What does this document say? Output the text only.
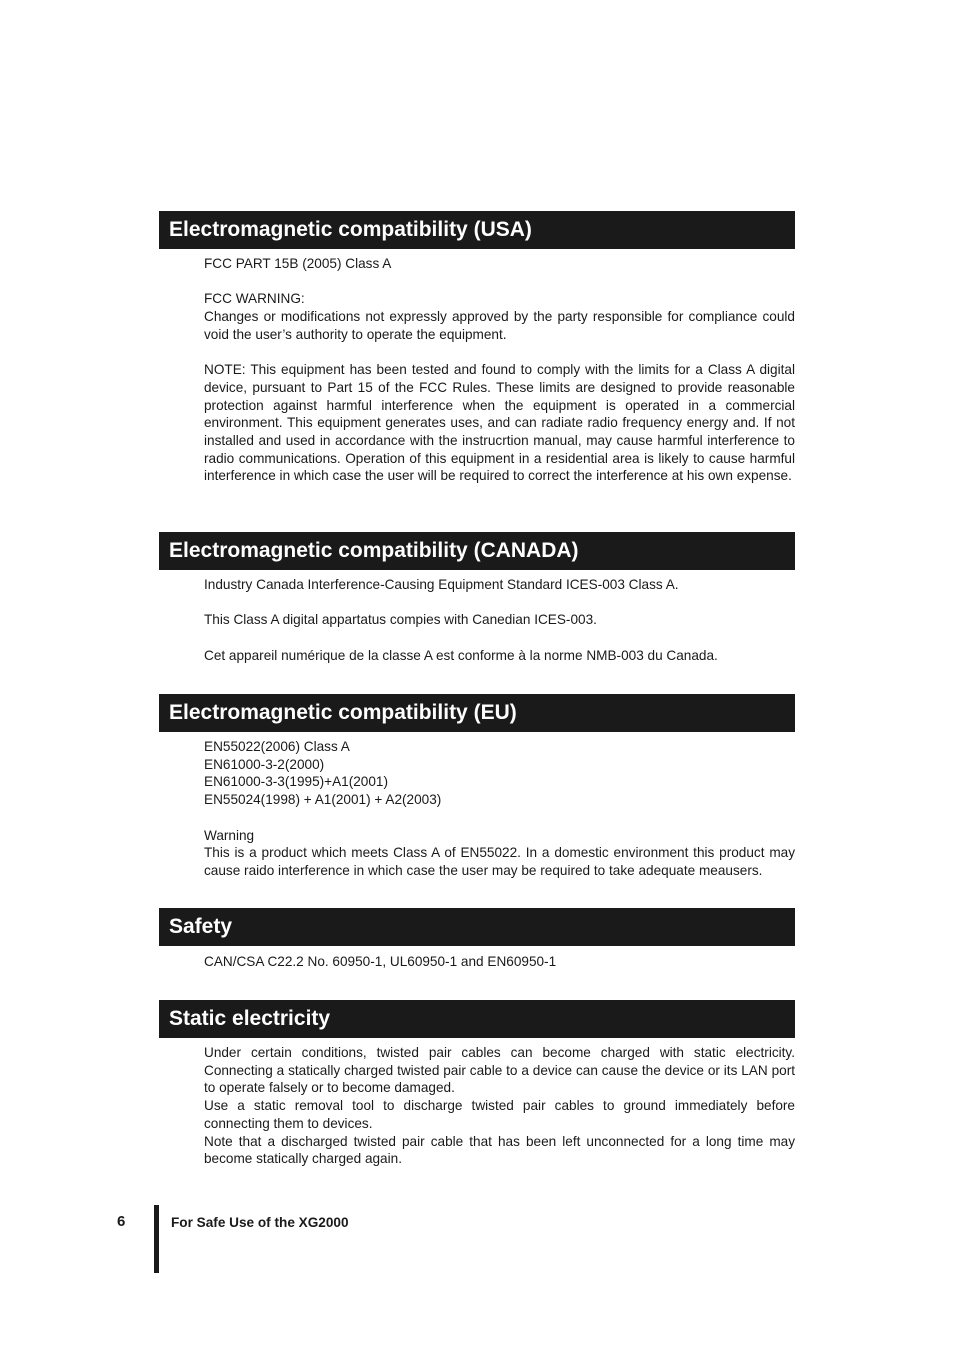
Electromagnetic compatibility (USA)

FCC PART 15B (2005) Class A

FCC WARNING:
Changes or modifications not expressly approved by the party responsible for compliance could void the user’s authority to operate the equipment.

NOTE: This equipment has been tested and found to comply with the limits for a Class A digital device, pursuant to Part 15 of the FCC Rules. These limits are designed to provide reasonable protection against harmful interference when the equipment is operated in a commercial environment. This equipment generates uses, and can radiate radio frequency energy and. If not installed and used in accordance with the instrucrtion manual, may cause harmful interference to radio communications. Operation of this equipment in a residential area is likely to cause harmful interference in which case the user will be required to correct the interference at his own expense.

Electromagnetic compatibility (CANADA)

Industry Canada Interference-Causing Equipment Standard ICES-003 Class A.

This Class A digital appartatus compies with Canedian ICES-003.

Cet appareil numérique de la classe A est conforme à la norme NMB-003 du Canada.

Electromagnetic compatibility (EU)

EN55022(2006) Class A
EN61000-3-2(2000)
EN61000-3-3(1995)+A1(2001)
EN55024(1998) + A1(2001) + A2(2003)

Warning
This is a product which meets Class A of EN55022. In a domestic environment this product may cause raido interference in which case the user may be required to take adequate meausers.

Safety

CAN/CSA C22.2 No. 60950-1, UL60950-1 and EN60950-1

Static electricity

Under certain conditions, twisted pair cables can become charged with static electricity. Connecting a statically charged twisted pair cable to a device can cause the device or its LAN port to operate falsely or to become damaged.

Use a static removal tool to discharge twisted pair cables to ground immediately before connecting them to devices.

Note that a discharged twisted pair cable that has been left unconnected for a long time may become statically charged again.

6	For Safe Use of the XG2000
